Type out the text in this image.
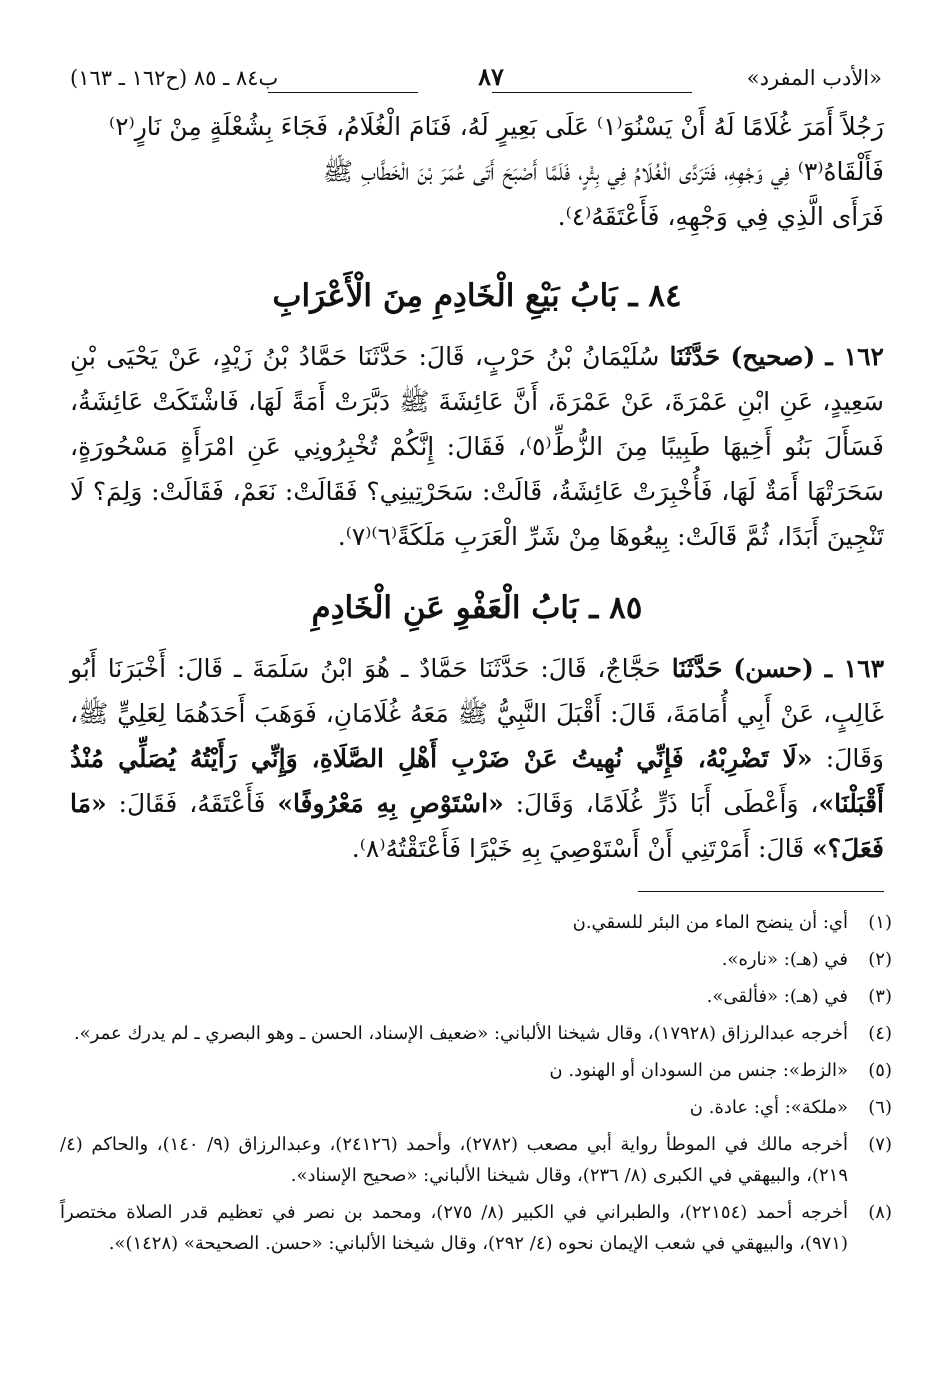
«الأدب المفرد»
٨٧
ب٨٤ ـ ٨٥ (ح١٦٢ ـ ١٦٣)
رَجُلاً أَمَرَ غُلَامًا لَهُ أَنْ يَسْنُوَ⁽١⁾ عَلَى بَعِيرٍ لَهُ، فَنَامَ الْغُلَامُ، فَجَاءَ بِشُعْلَةٍ مِنْ نَارٍ⁽٢⁾
فَأَلْقَاهُ⁽٣⁾ فِي وَجْهِهِ، فَتَرَدَّى الْغُلَامُ فِي بِئْرٍ، فَلَمَّا أَصْبَحَ أَتَى عُمَرَ بْنَ الْخَطَّابِ ﷺ
فَرَأَى الَّذِي فِي وَجْهِهِ، فَأَعْتَقَهُ⁽٤⁾.
٨٤ ـ بَابُ بَيْعِ الْخَادِمِ مِنَ الْأَعْرَابِ
١٦٢ ـ (صحيح) حَدَّثَنَا سُلَيْمَانُ بْنُ حَرْبٍ، قَالَ: حَدَّثَنَا حَمَّادُ بْنُ زَيْدٍ، عَنْ يَحْيَى بْنِ سَعِيدٍ، عَنِ ابْنِ عَمْرَةَ، عَنْ عَمْرَةَ، أَنَّ عَائِشَةَ ﷺ دَبَّرَتْ أَمَةً لَهَا، فَاشْتَكَتْ عَائِشَةُ، فَسَأَلَ بَنُو أَخِيهَا طَبِيبًا مِنَ الزُّطِّ⁽٥⁾، فَقَالَ: إِنَّكُمْ تُخْبِرُونِي عَنِ امْرَأَةٍ مَسْحُورَةٍ، سَحَرَتْهَا أَمَةٌ لَهَا، فَأُخْبِرَتْ عَائِشَةُ، قَالَتْ: سَحَرْتِينِي؟ فَقَالَتْ: نَعَمْ، فَقَالَتْ: وَلِمَ؟ لَا تَنْجِينَ أَبَدًا، ثُمَّ قَالَتْ: بِيعُوهَا مِنْ شَرِّ الْعَرَبِ مَلَكَةً⁽٦⁾⁽٧⁾.
٨٥ ـ بَابُ الْعَفْوِ عَنِ الْخَادِمِ
١٦٣ ـ (حسن) حَدَّثَنَا حَجَّاجٌ، قَالَ: حَدَّثَنَا حَمَّادٌ ـ هُوَ ابْنُ سَلَمَةَ ـ قَالَ: أَخْبَرَنَا أَبُو غَالِبٍ، عَنْ أَبِي أُمَامَةَ، قَالَ: أَقْبَلَ النَّبِيُّ ﷺ مَعَهُ غُلَامَانِ، فَوَهَبَ أَحَدَهُمَا لِعَلِيٍّ ﷺ، وَقَالَ: «لَا تَضْرِبْهُ، فَإِنِّي نُهِيتُ عَنْ ضَرْبِ أَهْلِ الصَّلَاةِ، وَإِنِّي رَأَيْتُهُ يُصَلِّي مُنْذُ أَقْبَلْنَا»، وَأَعْطَى أَبَا ذَرٍّ غُلَامًا، وَقَالَ: «اسْتَوْصِ بِهِ مَعْرُوفًا» فَأَعْتَقَهُ، فَقَالَ: «مَا فَعَلَ؟» قَالَ: أَمَرْتَنِي أَنْ أَسْتَوْصِيَ بِهِ خَيْرًا فَأَعْتَقْتُهُ⁽٨⁾.
(١)
أي: أن ينضح الماء من البئر للسقي.ن
(٢)
في (هـ): «ناره».
(٣)
في (هـ): «فألقى».
(٤)
أخرجه عبدالرزاق (١٧٩٢٨)، وقال شيخنا الألباني: «ضعيف الإسناد، الحسن ـ وهو البصري ـ لم يدرك عمر».
(٥)
«الزط»: جنس من السودان أو الهنود. ن
(٦)
«ملكة»: أي: عادة. ن
(٧)
أخرجه مالك في الموطأ رواية أبي مصعب (٢٧٨٢)، وأحمد (٢٤١٢٦)، وعبدالرزاق (٩/ ١٤٠)، والحاكم (٤/ ٢١٩)، والبيهقي في الكبرى (٨/ ٢٣٦)، وقال شيخنا الألباني: «صحيح الإسناد».
(٨)
أخرجه أحمد (٢٢١٥٤)، والطبراني في الكبير (٨/ ٢٧٥)، ومحمد بن نصر في تعظيم قدر الصلاة مختصراً (٩٧١)، والبيهقي في شعب الإيمان نحوه (٤/ ٢٩٢)، وقال شيخنا الألباني: «حسن. الصحيحة» (١٤٢٨)».
